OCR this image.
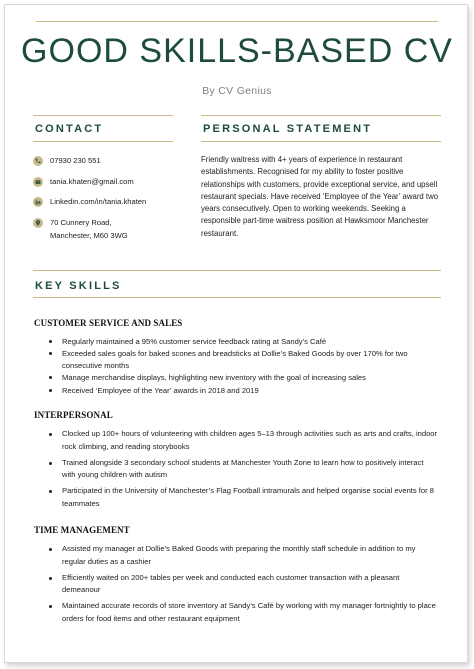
GOOD SKILLS-BASED CV
By CV Genius
CONTACT	PERSONAL STATEMENT
07930 230 551
tania.khaten@gmail.com
Linkedin.com/in/tania.khaten
70 Cunnery Road,
Manchester, M60 3WG
Friendly waitress with 4+ years of experience in restaurant establishments. Recognised for my ability to foster positive relationships with customers, provide exceptional service, and upsell restaurant specials. Have received ‘Employee of the Year’ award two years consecutively. Open to working weekends. Seeking a responsible part-time waitress position at Hawksmoor Manchester restaurant.
KEY SKILLS
CUSTOMER SERVICE AND SALES
Regularly maintained a 95% customer service feedback rating at Sandy’s Café
Exceeded sales goals for baked scones and breadsticks at Dollie’s Baked Goods by over 170% for two consecutive months
Manage merchandise displays, highlighting new inventory with the goal of increasing sales
Received ‘Employee of the Year’ awards in 2018 and 2019
INTERPERSONAL
Clocked up 100+ hours of volunteering with children ages 5–13 through activities such as arts and crafts, indoor rock climbing, and reading storybooks
Trained alongside 3 secondary school students at Manchester Youth Zone to learn how to positively interact with young children with autism
Participated in the University of Manchester’s Flag Football intramurals and helped organise social events for 8 teammates
TIME MANAGEMENT
Assisted my manager at Dollie’s Baked Goods with preparing the monthly staff schedule in addition to my regular duties as a cashier
Efficiently waited on 200+ tables per week and conducted each customer transaction with a pleasant demeanour
Maintained accurate records of store inventory at Sandy’s Café by working with my manager fortnightly to place orders for food items and other restaurant equipment
